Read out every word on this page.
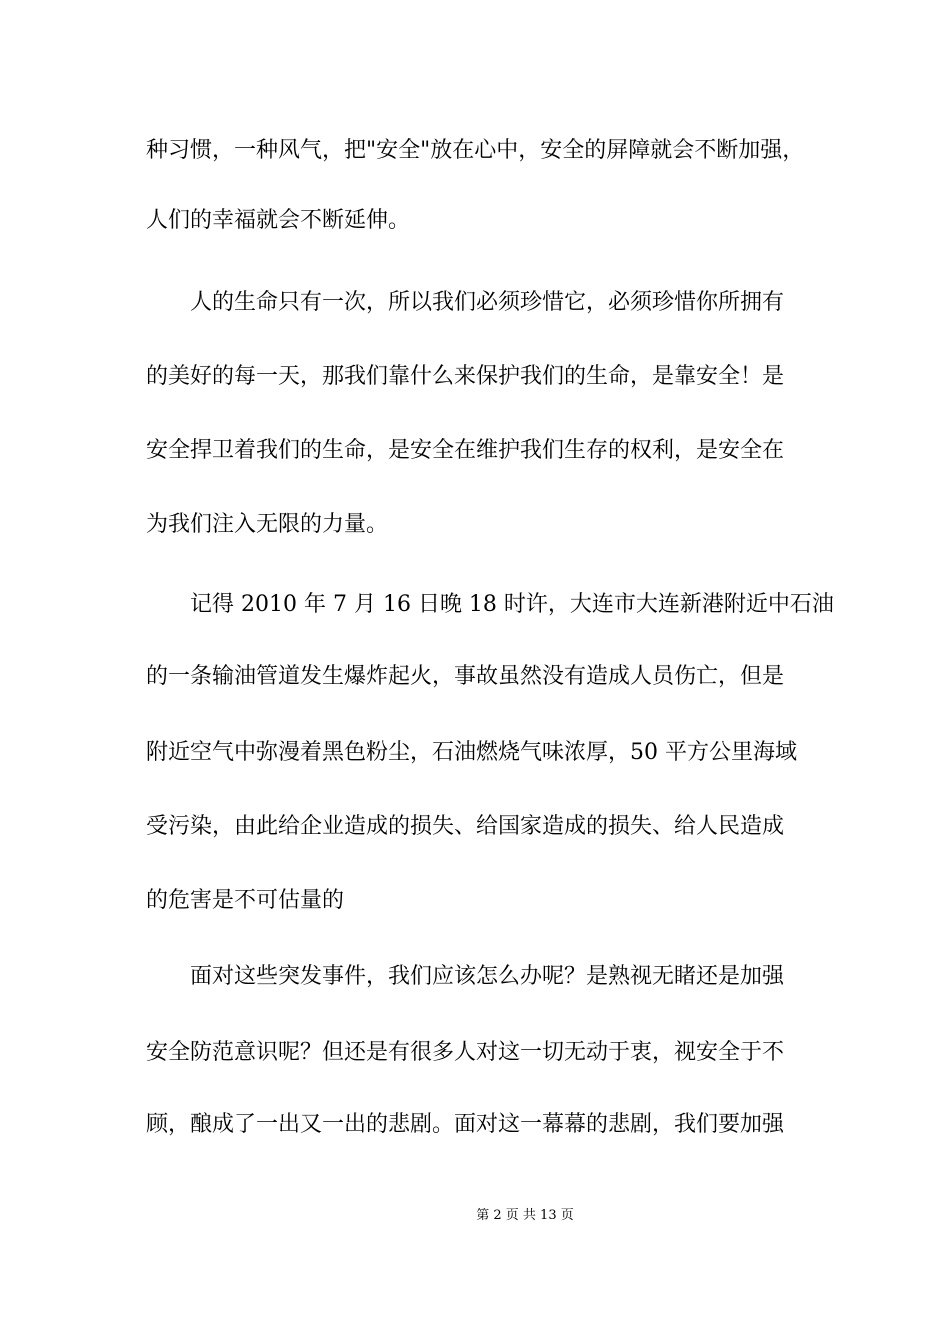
种习惯，一种风气，把"安全"放在心中，安全的屏障就会不断加强，
人们的幸福就会不断延伸。
人的生命只有一次，所以我们必须珍惜它，必须珍惜你所拥有
的美好的每一天，那我们靠什么来保护我们的生命，是靠安全！是
安全捍卫着我们的生命，是安全在维护我们生存的权利，是安全在
为我们注入无限的力量。
记得 2010 年 7 月 16 日晚 18 时许，大连市大连新港附近中石油
的一条输油管道发生爆炸起火，事故虽然没有造成人员伤亡，但是
附近空气中弥漫着黑色粉尘，石油燃烧气味浓厚，50 平方公里海域
受污染，由此给企业造成的损失、给国家造成的损失、给人民造成
的危害是不可估量的
面对这些突发事件，我们应该怎么办呢？是熟视无睹还是加强
安全防范意识呢？但还是有很多人对这一切无动于衷，视安全于不
顾，酿成了一出又一出的悲剧。面对这一幕幕的悲剧，我们要加强
第 2 页 共 13 页
